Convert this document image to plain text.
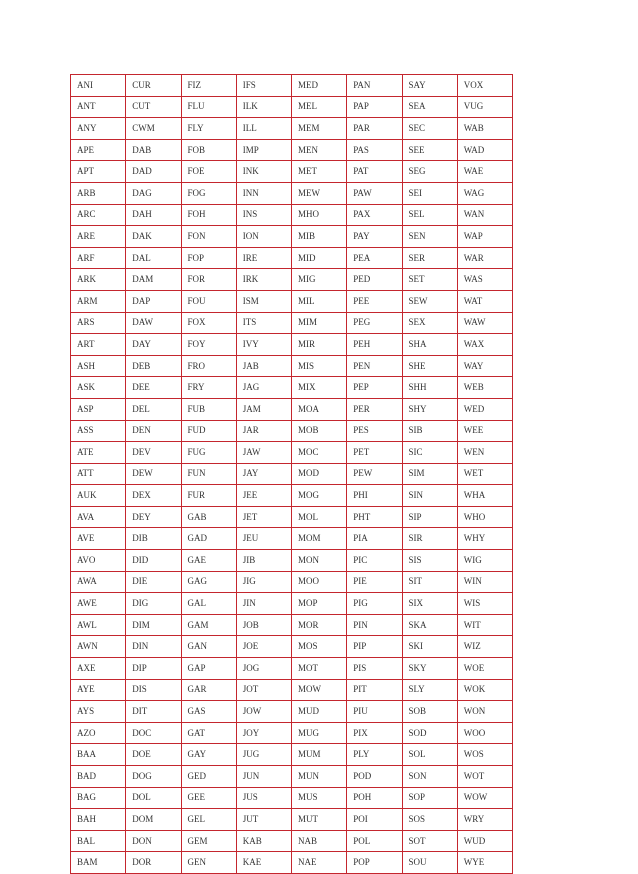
ANI	CUR	FIZ	IFS	MED	PAN	SAY	VOX
ANT	CUT	FLU	ILK	MEL	PAP	SEA	VUG
ANY	CWM	FLY	ILL	MEM	PAR	SEC	WAB
APE	DAB	FOB	IMP	MEN	PAS	SEE	WAD
APT	DAD	FOE	INK	MET	PAT	SEG	WAE
ARB	DAG	FOG	INN	MEW	PAW	SEI	WAG
ARC	DAH	FOH	INS	MHO	PAX	SEL	WAN
ARE	DAK	FON	ION	MIB	PAY	SEN	WAP
ARF	DAL	FOP	IRE	MID	PEA	SER	WAR
ARK	DAM	FOR	IRK	MIG	PED	SET	WAS
ARM	DAP	FOU	ISM	MIL	PEE	SEW	WAT
ARS	DAW	FOX	ITS	MIM	PEG	SEX	WAW
ART	DAY	FOY	IVY	MIR	PEH	SHA	WAX
ASH	DEB	FRO	JAB	MIS	PEN	SHE	WAY
ASK	DEE	FRY	JAG	MIX	PEP	SHH	WEB
ASP	DEL	FUB	JAM	MOA	PER	SHY	WED
ASS	DEN	FUD	JAR	MOB	PES	SIB	WEE
ATE	DEV	FUG	JAW	MOC	PET	SIC	WEN
ATT	DEW	FUN	JAY	MOD	PEW	SIM	WET
AUK	DEX	FUR	JEE	MOG	PHI	SIN	WHA
AVA	DEY	GAB	JET	MOL	PHT	SIP	WHO
AVE	DIB	GAD	JEU	MOM	PIA	SIR	WHY
AVO	DID	GAE	JIB	MON	PIC	SIS	WIG
AWA	DIE	GAG	JIG	MOO	PIE	SIT	WIN
AWE	DIG	GAL	JIN	MOP	PIG	SIX	WIS
AWL	DIM	GAM	JOB	MOR	PIN	SKA	WIT
AWN	DIN	GAN	JOE	MOS	PIP	SKI	WIZ
AXE	DIP	GAP	JOG	MOT	PIS	SKY	WOE
AYE	DIS	GAR	JOT	MOW	PIT	SLY	WOK
AYS	DIT	GAS	JOW	MUD	PIU	SOB	WON
AZO	DOC	GAT	JOY	MUG	PIX	SOD	WOO
BAA	DOE	GAY	JUG	MUM	PLY	SOL	WOS
BAD	DOG	GED	JUN	MUN	POD	SON	WOT
BAG	DOL	GEE	JUS	MUS	POH	SOP	WOW
BAH	DOM	GEL	JUT	MUT	POI	SOS	WRY
BAL	DON	GEM	KAB	NAB	POL	SOT	WUD
BAM	DOR	GEN	KAE	NAE	POP	SOU	WYE
